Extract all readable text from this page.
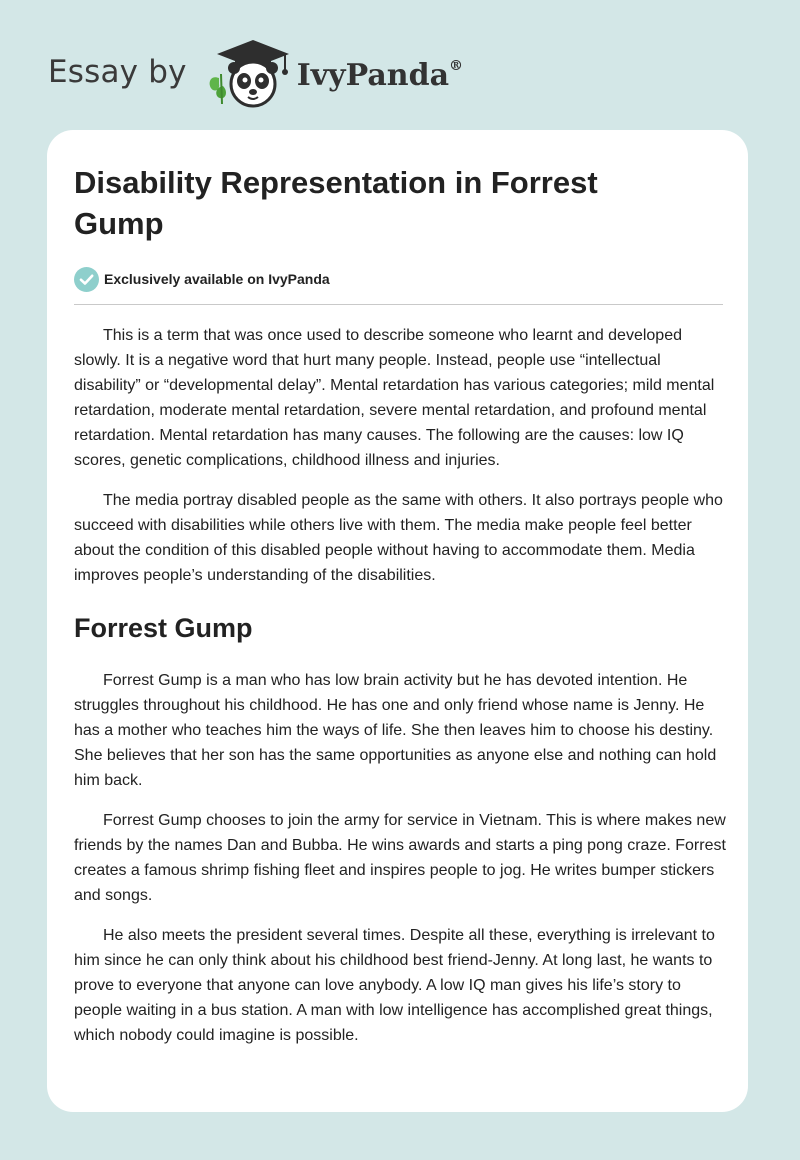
Essay by	IvyPanda®
Disability Representation in Forrest Gump
Exclusively available on IvyPanda

This is a term that was once used to describe someone who learnt and developed slowly. It is a negative word that hurt many people. Instead, people use “intellectual disability” or “developmental delay”. Mental retardation has various categories; mild mental retardation, moderate mental retardation, severe mental retardation, and profound mental retardation. Mental retardation has many causes. The following are the causes: low IQ scores, genetic complications, childhood illness and injuries.

The media portray disabled people as the same with others. It also portrays people who succeed with disabilities while others live with them. The media make people feel better about the condition of this disabled people without having to accommodate them. Media improves people’s understanding of the disabilities.

Forrest Gump

Forrest Gump is a man who has low brain activity but he has devoted intention. He struggles throughout his childhood. He has one and only friend whose name is Jenny. He has a mother who teaches him the ways of life. She then leaves him to choose his destiny. She believes that her son has the same opportunities as anyone else and nothing can hold him back.

Forrest Gump chooses to join the army for service in Vietnam. This is where makes new friends by the names Dan and Bubba. He wins awards and starts a ping pong craze. Forrest creates a famous shrimp fishing fleet and inspires people to jog. He writes bumper stickers and songs.

He also meets the president several times. Despite all these, everything is irrelevant to him since he can only think about his childhood best friend-Jenny. At long last, he wants to prove to everyone that anyone can love anybody. A low IQ man gives his life’s story to people waiting in a bus station. A man with low intelligence has accomplished great things, which nobody could imagine is possible.
